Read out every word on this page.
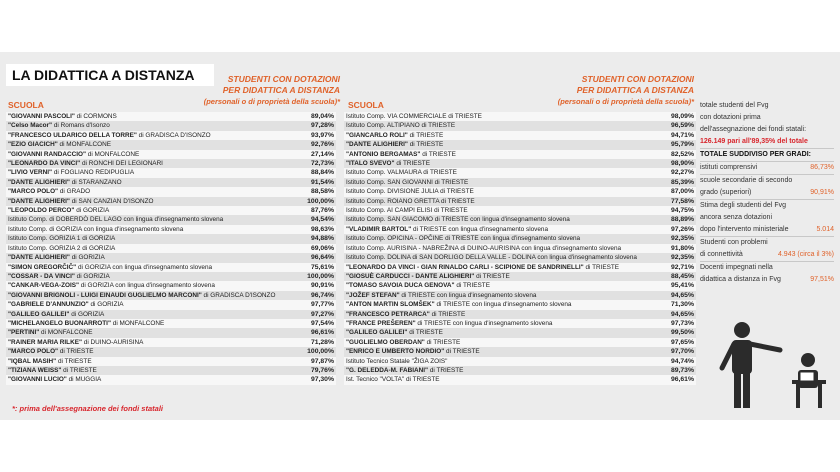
LA DIDATTICA A DISTANZA	STUDENTI CON DOTAZIONI
PER DIDATTICA A DISTANZA
(personali o di proprietà della scuola)*
SCUOLA
STUDENTI CON DOTAZIONI
PER DIDATTICA A DISTANZA
(personali o di proprietà della scuola)*
SCUOLA
"GIOVANNI PASCOLI" di CORMONS	89,04%
"Celso Macor" di Romans d'Isonzo	97,28%
"FRANCESCO ULDARICO DELLA TORRE" di GRADISCA D'ISONZO	93,97%
"EZIO GIACICH" di MONFALCONE	92,76%
"GIOVANNI RANDACCIO" di MONFALCONE	27,14%
"LEONARDO DA VINCI" di RONCHI DEI LEGIONARI	72,73%
"LIVIO VERNI" di FOGLIANO REDIPUGLIA	88,84%
"DANTE ALIGHIERI" di STARANZANO	91,54%
"MARCO POLO" di GRADO	88,58%
"DANTE ALIGHIERI" di SAN CANZIAN D'ISONZO	100,00%
"LEOPOLDO PERCO" di GORIZIA	87,76%
Istituto Comp. di DOBERDÒ DEL LAGO con lingua d'insegnamento slovena	94,54%
Istituto Comp. di GORIZIA con lingua d'insegnamento slovena	98,63%
Istituto Comp. GORIZIA 1 di GORIZIA	94,88%
Istituto Comp. GORIZIA 2 di GORIZIA	69,06%
"DANTE ALIGHIERI" di GORIZIA	96,64%
"SIMON GREGORČIČ" di GORIZIA con lingua d'insegnamento slovena	75,61%
"COSSAR - DA VINCI" di GORIZIA	100,00%
"CANKAR-VEGA-ZOIS" di GORIZIA con lingua d'insegnamento slovena	90,91%
"GIOVANNI BRIGNOLI - LUIGI EINAUDI GUGLIELMO MARCONI" di GRADISCA D'ISONZO	96,74%
"GABRIELE D'ANNUNZIO" di GORIZIA	97,77%
"GALILEO GALILEI" di GORIZIA	97,27%
"MICHELANGELO BUONARROTI" di MONFALCONE	97,54%
"PERTINI" di MONFALCONE	96,61%
"RAINER MARIA RILKE" di DUINO-AURISINA	71,28%
"MARCO POLO" di TRIESTE	100,00%
"IQBAL MASIH" di TRIESTE	97,87%
"TIZIANA WEISS" di TRIESTE	79,76%
"GIOVANNI LUCIO" di MUGGIA	97,30%
Istituto Comp. VIA COMMERCIALE di TRIESTE	98,09%
Istituto Comp. ALTIPIANO di TRIESTE	96,59%
"GIANCARLO ROLI" di TRIESTE	94,71%
"DANTE ALIGHIERI" di TRIESTE	95,79%
"ANTONIO BERGAMAS" di TRIESTE	82,52%
"ITALO SVEVO" di TRIESTE	98,90%
Istituto Comp. VALMAURA di TRIESTE	92,27%
Istituto Comp. SAN GIOVANNI di TRIESTE	85,39%
Istituto Comp. DIVISIONE JULIA di TRIESTE	87,00%
Istituto Comp. ROIANO GRETTA di TRIESTE	77,58%
Istituto Comp. AI CAMPI ELISI di TRIESTE	94,75%
Istituto Comp. SAN GIACOMO di TRIESTE con lingua d'insegnamento slovena	88,89%
"VLADIMIR BARTOL" di TRIESTE con lingua d'insegnamento slovena	97,26%
Istituto Comp. OPICINA - OPČINE di TRIESTE con lingua d'insegnamento slovena	92,35%
Istituto Comp. AURISINA - NABREŽINA di DUINO-AURISINA con lingua d'insegnamento slovena	91,80%
Istituto Comp. DOLINA di SAN DORLIGO DELLA VALLE - DOLINA con lingua d'insegnamento slovena	92,35%
"LEONARDO DA VINCI - GIAN RINALDO CARLI - SCIPIONE DE SANDRINELLI" di TRIESTE	92,71%
"GIOSUÈ CARDUCCI - DANTE ALIGHIERI" di TRIESTE	88,45%
"TOMASO SAVOIA DUCA GENOVA" di TRIESTE	95,41%
"JOŽEF STEFAN" di TRIESTE con lingua d'insegnamento slovena	94,65%
"ANTON MARTIN SLOMŠEK" di TRIESTE con lingua d'insegnamento slovena	71,30%
"FRANCESCO PETRARCA" di TRIESTE	94,65%
"FRANCE PREŠEREN" di TRIESTE con lingua d'insegnamento slovena	97,73%
"GALILEO GALILEI" di TRIESTE	99,50%
"GUGLIELMO OBERDAN" di TRIESTE	97,65%
"ENRICO E UMBERTO NORDIO" di TRIESTE	97,70%
Istituto Tecnico Statale "ŽIGA ZOIS"	94,74%
"G. DELEDDA-M. FABIANI" di TRIESTE	89,73%
Ist. Tecnico "VOLTA" di TRIESTE	96,61%
*: prima dell'assegnazione dei fondi statali
totale studenti del Fvg
con dotazioni prima
dell'assegnazione dei fondi statali:
126.149 pari all'89,35% del totale
TOTALE SUDDIVISO PER GRADI:
istituti comprensivi	86,73%
scuole secondarie di secondo
grado (superiori)	90,91%
Stima degli studenti del Fvg
ancora senza dotazioni
dopo l'intervento ministeriale	5.014
Studenti con problemi
di connettività	4.943 (circa il 3%)
Docenti impegnati nella
didattica a distanza in Fvg	97,51%
